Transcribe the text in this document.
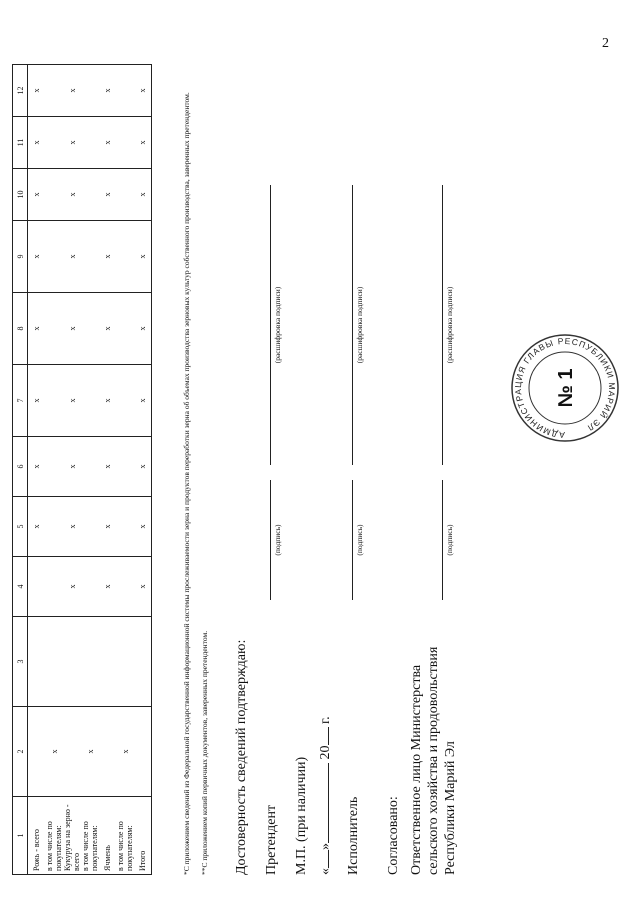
2
1	2	3	4	5	6	7	8	9	10	11	12
Рожь - всего				x	x	x	x	x	x	x	x
в том числе по покупателям:	x										
Кукуруза на зерно - всего			x	x	x	x	x	x	x	x	x
в том числе по покупателям:	x										
Ячмень			x	x	x	x	x	x	x	x	x
в том числе по покупателям:	x										
Итого			x	x	x	x	x	x	x	x	x
*С приложением сведений из Федеральной государственной информационной системы прослеживаемости зерна и продуктов переработки зерна об объемах производства зерновых культур собственного производства, заверенных претендентом. **С приложением копий первичных документов, заверенных претендентом. Достоверность сведений подтверждаю: Претендент
(подпись)
(расшифровка подписи)
М.П. (при наличии) «» 20 г.
Исполнитель
(подпись)
(расшифровка подписи)
Согласовано: Ответственное лицо Министерства сельского хозяйства и продовольствия Республики Марий Эл
(подпись)
(расшифровка подписи)
АДМИНИСТРАЦИЯ ГЛАВЫ РЕСПУБЛИКИ МАРИЙ ЭЛ
№ 1
